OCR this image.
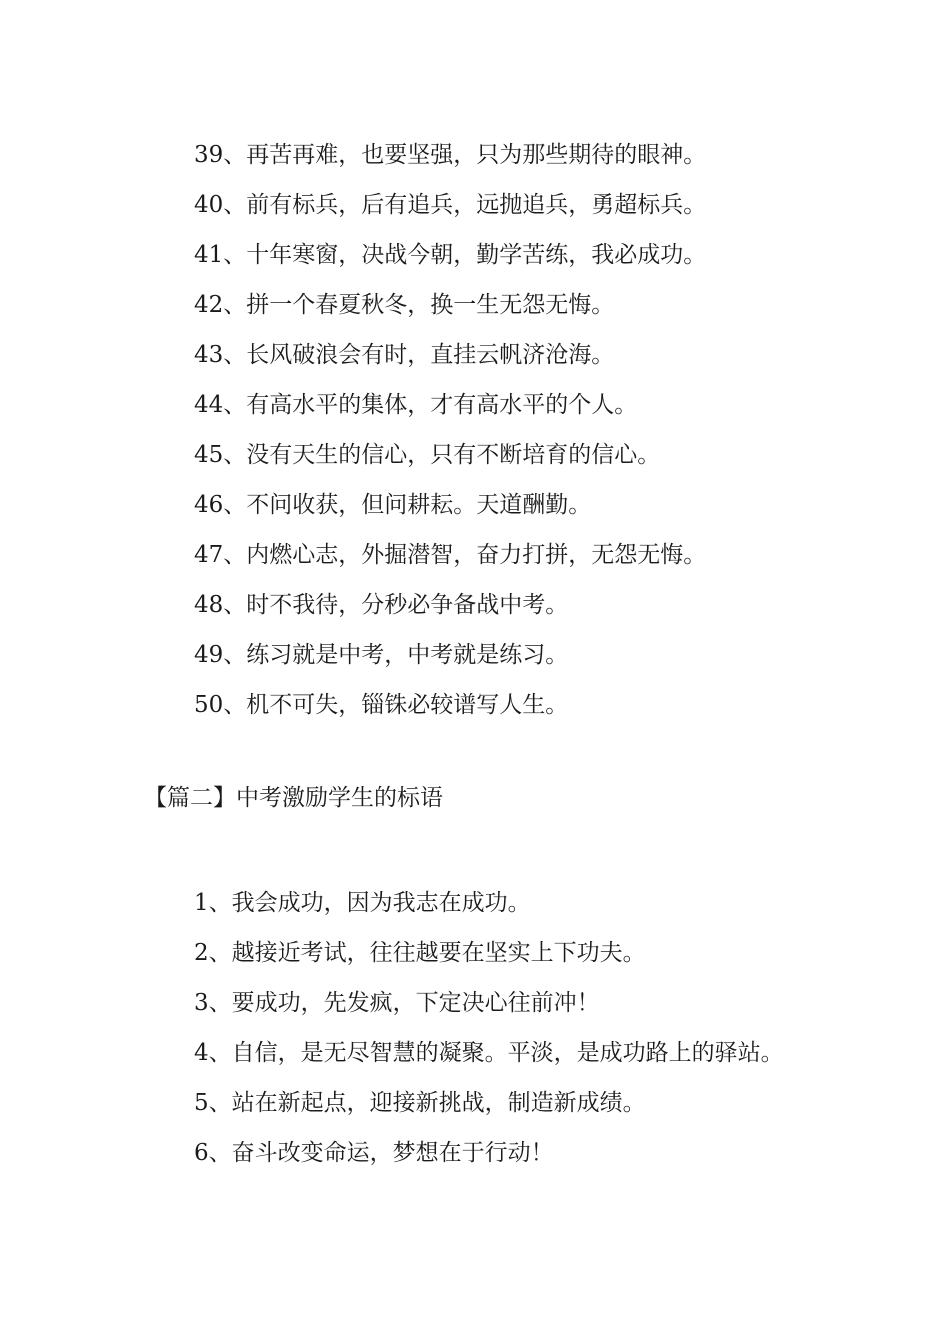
39、再苦再难，也要坚强，只为那些期待的眼神。

40、前有标兵，后有追兵，远抛追兵，勇超标兵。

41、十年寒窗，决战今朝，勤学苦练，我必成功。

42、拼一个春夏秋冬，换一生无怨无悔。

43、长风破浪会有时，直挂云帆济沧海。

44、有高水平的集体，才有高水平的个人。

45、没有天生的信心，只有不断培育的信心。

46、不问收获，但问耕耘。天道酬勤。

47、内燃心志，外掘潜智，奋力打拼，无怨无悔。

48、时不我待，分秒必争备战中考。

49、练习就是中考，中考就是练习。

50、机不可失，锱铢必较谱写人生。

【篇二】中考激励学生的标语

1、我会成功，因为我志在成功。

2、越接近考试，往往越要在坚实上下功夫。

3、要成功，先发疯，下定决心往前冲！

4、自信，是无尽智慧的凝聚。平淡，是成功路上的驿站。

5、站在新起点，迎接新挑战，制造新成绩。

6、奋斗改变命运，梦想在于行动！
